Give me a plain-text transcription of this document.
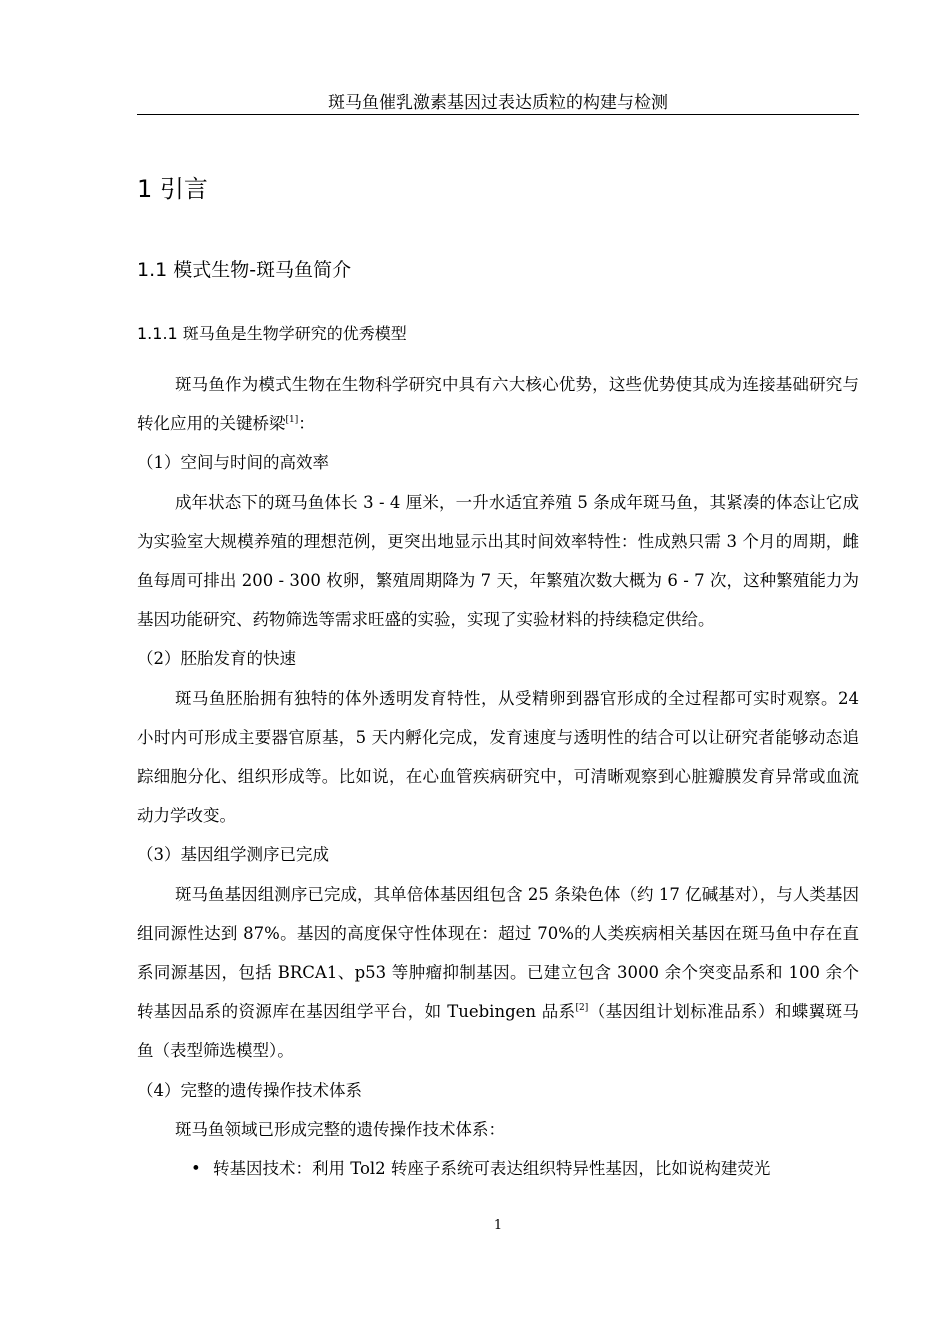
斑马鱼催乳激素基因过表达质粒的构建与检测
1 引言
1.1 模式生物-斑马鱼简介
1.1.1 斑马鱼是生物学研究的优秀模型

斑马鱼作为模式生物在生物科学研究中具有六大核心优势，这些优势使其成为连接基础研究与转化应用的关键桥梁[1]：

（1）空间与时间的高效率

成年状态下的斑马鱼体长 3 - 4 厘米，一升水适宜养殖 5 条成年斑马鱼，其紧凑的体态让它成为实验室大规模养殖的理想范例，更突出地显示出其时间效率特性：性成熟只需 3 个月的周期，雌鱼每周可排出 200 - 300 枚卵，繁殖周期降为 7 天，年繁殖次数大概为 6 - 7 次，这种繁殖能力为基因功能研究、药物筛选等需求旺盛的实验，实现了实验材料的持续稳定供给。

（2）胚胎发育的快速

斑马鱼胚胎拥有独特的体外透明发育特性，从受精卵到器官形成的全过程都可实时观察。24 小时内可形成主要器官原基，5 天内孵化完成，发育速度与透明性的结合可以让研究者能够动态追踪细胞分化、组织形成等。比如说，在心血管疾病研究中，可清晰观察到心脏瓣膜发育异常或血流动力学改变。

（3）基因组学测序已完成

斑马鱼基因组测序已完成，其单倍体基因组包含 25 条染色体（约 17 亿碱基对），与人类基因组同源性达到 87%。基因的高度保守性体现在：超过 70%的人类疾病相关基因在斑马鱼中存在直系同源基因，包括 BRCA1、p53 等肿瘤抑制基因。已建立包含 3000 余个突变品系和 100 余个转基因品系的资源库在基因组学平台，如 Tuebingen 品系[2]（基因组计划标准品系）和蝶翼斑马鱼（表型筛选模型）。

（4）完整的遗传操作技术体系

斑马鱼领域已形成完整的遗传操作技术体系：

• 转基因技术：利用 Tol2 转座子系统可表达组织特异性基因，比如说构建荧光
1
